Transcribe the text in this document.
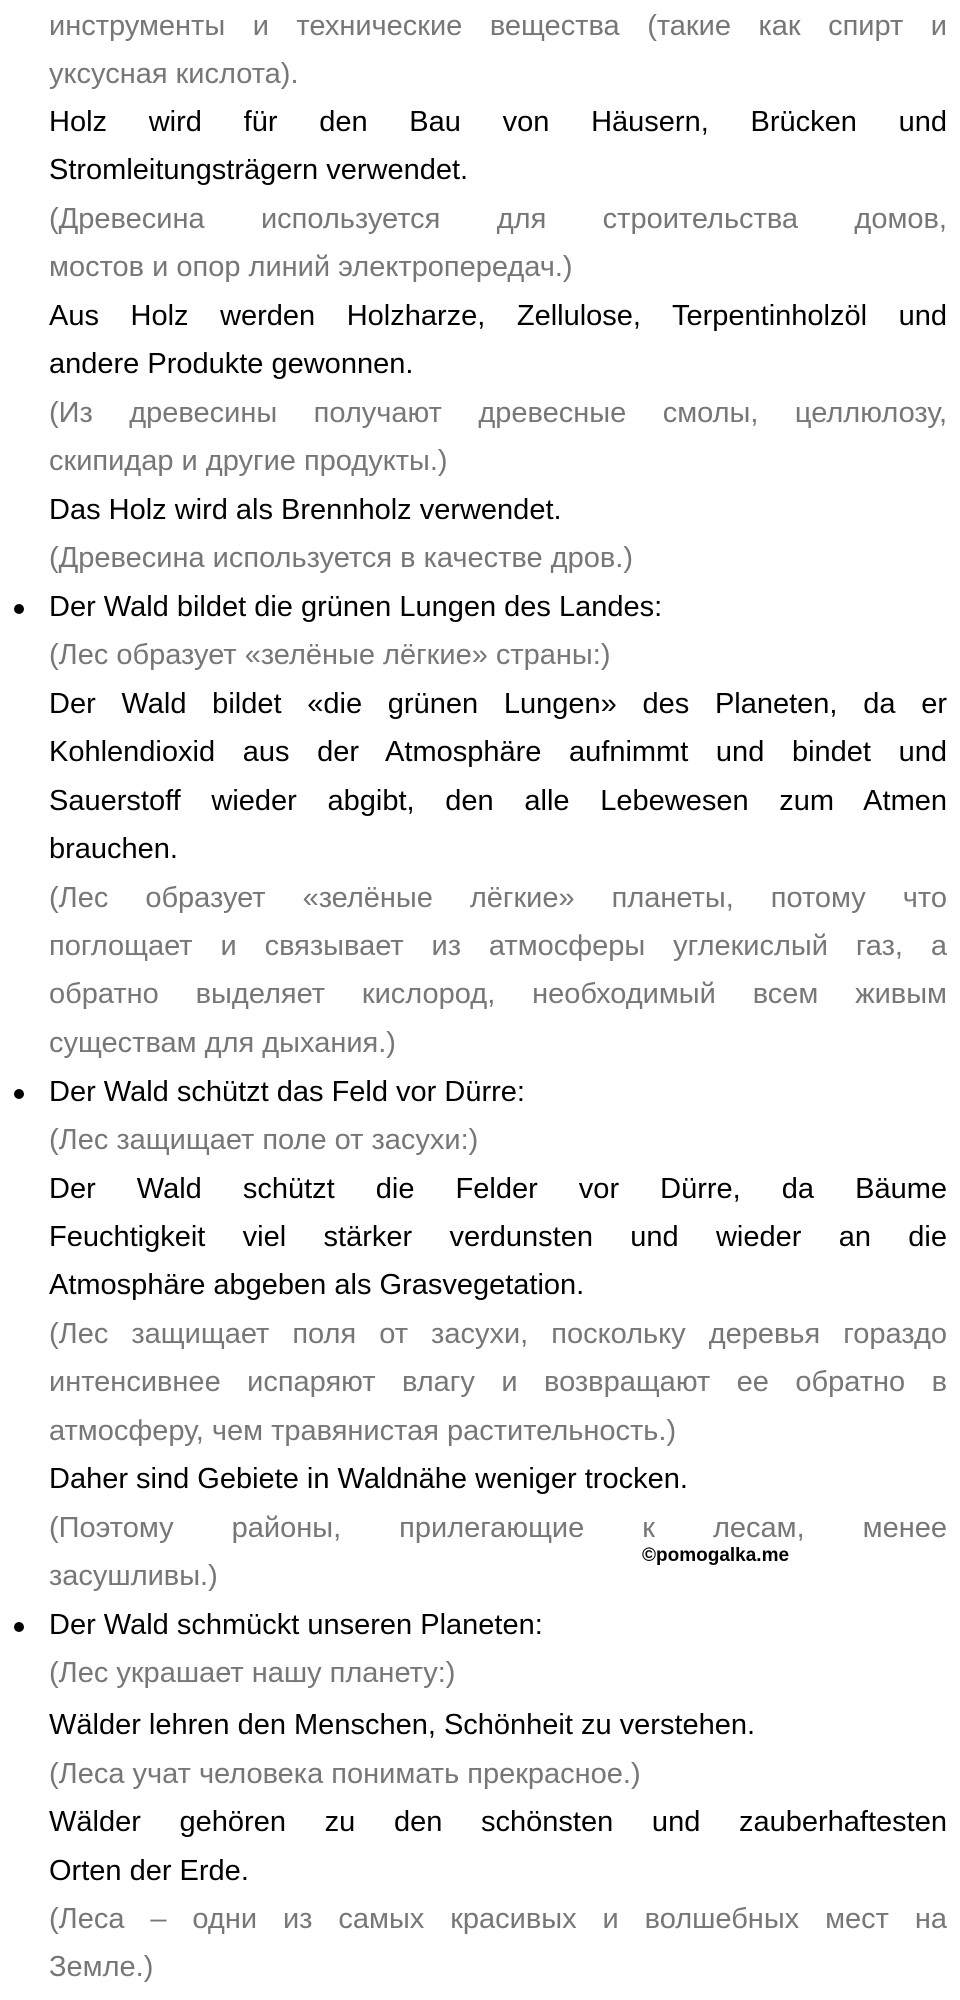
©pomogalka.me
инструменты и технические вещества (такие как спирт и
уксусная кислота).
Holz wird für den Bau von Häusern, Brücken und
Stromleitungsträgern verwendet.
(Древесина используется для строительства домов,
мостов и опор линий электропередач.)
Aus Holz werden Holzharze, Zellulose, Terpentinholzöl und
andere Produkte gewonnen.
(Из древесины получают древесные смолы, целлюлозу,
скипидар и другие продукты.)
Das Holz wird als Brennholz verwendet.
(Древесина используется в качестве дров.)
Der Wald bildet die grünen Lungen des Landes:
(Лес образует «зелёные лёгкие» страны:)
Der Wald bildet «die grünen Lungen» des Planeten, da er
Kohlendioxid aus der Atmosphäre aufnimmt und bindet und
Sauerstoff wieder abgibt, den alle Lebewesen zum Atmen
brauchen.
(Лес образует «зелёные лёгкие» планеты, потому что
поглощает и связывает из атмосферы углекислый газ, а
обратно выделяет кислород, необходимый всем живым
существам для дыхания.)
Der Wald schützt das Feld vor Dürre:
(Лес защищает поле от засухи:)
Der Wald schützt die Felder vor Dürre, da Bäume
Feuchtigkeit viel stärker verdunsten und wieder an die
Atmosphäre abgeben als Grasvegetation.
(Лес защищает поля от засухи, поскольку деревья гораздо
интенсивнее испаряют влагу и возвращают ее обратно в
атмосферу, чем травянистая растительность.)
Daher sind Gebiete in Waldnähe weniger trocken.
(Поэтому районы, прилегающие к лесам, менее
засушливы.)
Der Wald schmückt unseren Planeten:
(Лес украшает нашу планету:)
Wälder lehren den Menschen, Schönheit zu verstehen.
(Леса учат человека понимать прекрасное.)
Wälder gehören zu den schönsten und zauberhaftesten
Orten der Erde.
(Леса – одни из самых красивых и волшебных мест на
Земле.)
